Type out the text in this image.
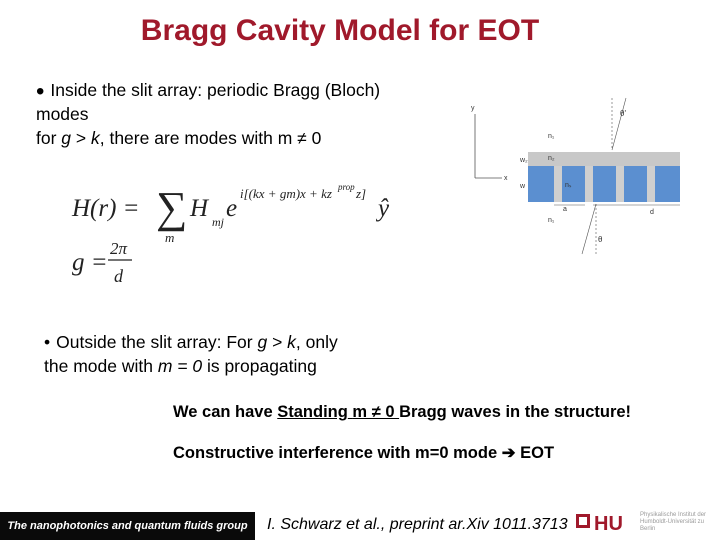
Bragg Cavity Model for EOT
• Inside the slit array: periodic Bragg (Bloch)
modes
for g > k, there are modes with m ≠ 0
H(r) = ∑
m
H mj e
i[(kx + gm)x + kz prop z]
ŷ
g =
2π
d
y
x
θ'
θ
n₁
n₂
w₂
w	nₛ
a	d
n₁
• Outside the slit array: For g > k, only
the mode with m = 0 is propagating
We can have Standing m ≠ 0 Bragg waves in the structure!
Constructive interference with m=0 mode ➔ EOT
The nanophotonics and quantum fluids group	I. Schwarz et al., preprint ar.Xiv 1011.3713 HU	Physikalische Institut der Humboldt-Universität zu Berlin
